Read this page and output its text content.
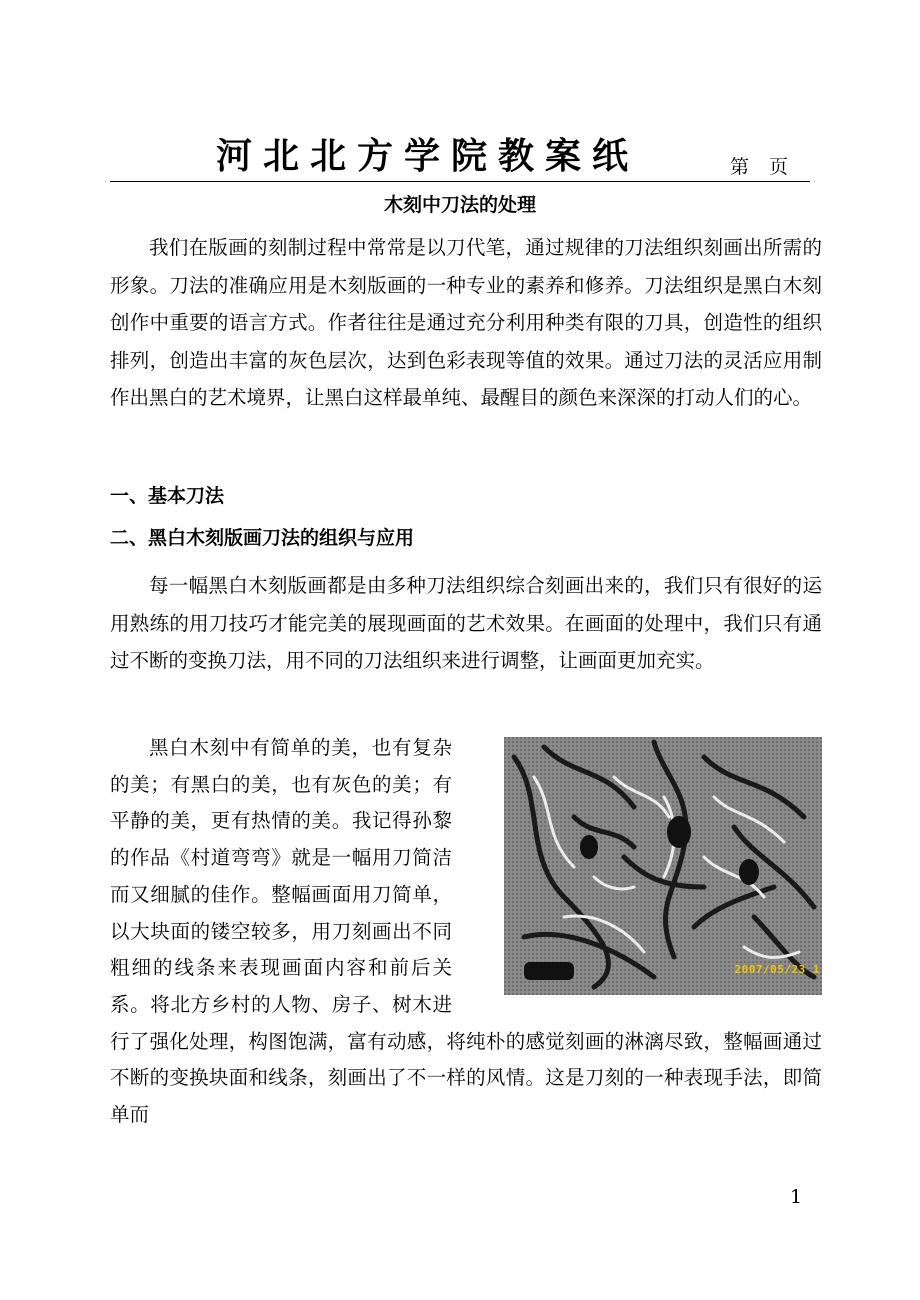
河北北方学院教案纸	第 页
木刻中刀法的处理
我们在版画的刻制过程中常常是以刀代笔，通过规律的刀法组织刻画出所需的形象。刀法的准确应用是木刻版画的一种专业的素养和修养。刀法组织是黑白木刻创作中重要的语言方式。作者往往是通过充分利用种类有限的刀具，创造性的组织排列，创造出丰富的灰色层次，达到色彩表现等值的效果。通过刀法的灵活应用制作出黑白的艺术境界，让黑白这样最单纯、最醒目的颜色来深深的打动人们的心。
一、基本刀法
二、黑白木刻版画刀法的组织与应用
每一幅黑白木刻版画都是由多种刀法组织综合刻画出来的，我们只有很好的运用熟练的用刀技巧才能完美的展现画面的艺术效果。在画面的处理中，我们只有通过不断的变换刀法，用不同的刀法组织来进行调整，让画面更加充实。
2007/05/23 1
黑白木刻中有简单的美，也有复杂的美；有黑白的美，也有灰色的美；有平静的美，更有热情的美。我记得孙黎的作品《村道弯弯》就是一幅用刀简洁而又细腻的佳作。整幅画面用刀简单，以大块面的镂空较多，用刀刻画出不同粗细的线条来表现画面内容和前后关系。将北方乡村的人物、房子、树木进行了强化处理，构图饱满，富有动感，将纯朴的感觉刻画的淋漓尽致，整幅画通过不断的变换块面和线条，刻画出了不一样的风情。这是刀刻的一种表现手法，即简单而
1
